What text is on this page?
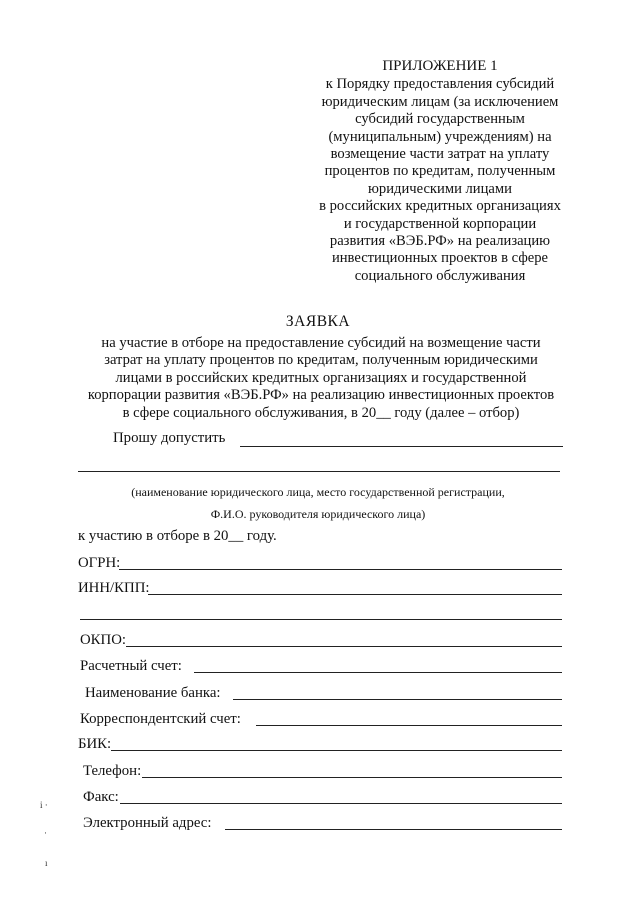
ПРИЛОЖЕНИЕ 1
к Порядку предоставления субсидий
юридическим лицам (за исключением
субсидий государственным
(муниципальным) учреждениям) на
возмещение части затрат на уплату
процентов по кредитам, полученным
юридическими лицами
в российских кредитных организациях
и государственной корпорации
развития «ВЭБ.РФ» на реализацию
инвестиционных проектов в сфере
социального обслуживания
ЗАЯВКА
на участие в отборе на предоставление субсидий на возмещение части
затрат на уплату процентов по кредитам, полученным юридическими
лицами в российских кредитных организациях и государственной
корпорации развития «ВЭБ.РФ» на реализацию инвестиционных проектов
в сфере социального обслуживания, в 20__ году (далее – отбор)
Прошу допустить
(наименование юридического лица, место государственной регистрации,
Ф.И.О. руководителя юридического лица)
к участию в отборе в 20__ году.
ОГРН:
ИНН/КПП:
ОКПО:
Расчетный счет:
Наименование банка:
Корреспондентский счет:
БИК:
Телефон:
Факс:
Электронный адрес:
і ·
·
ı
